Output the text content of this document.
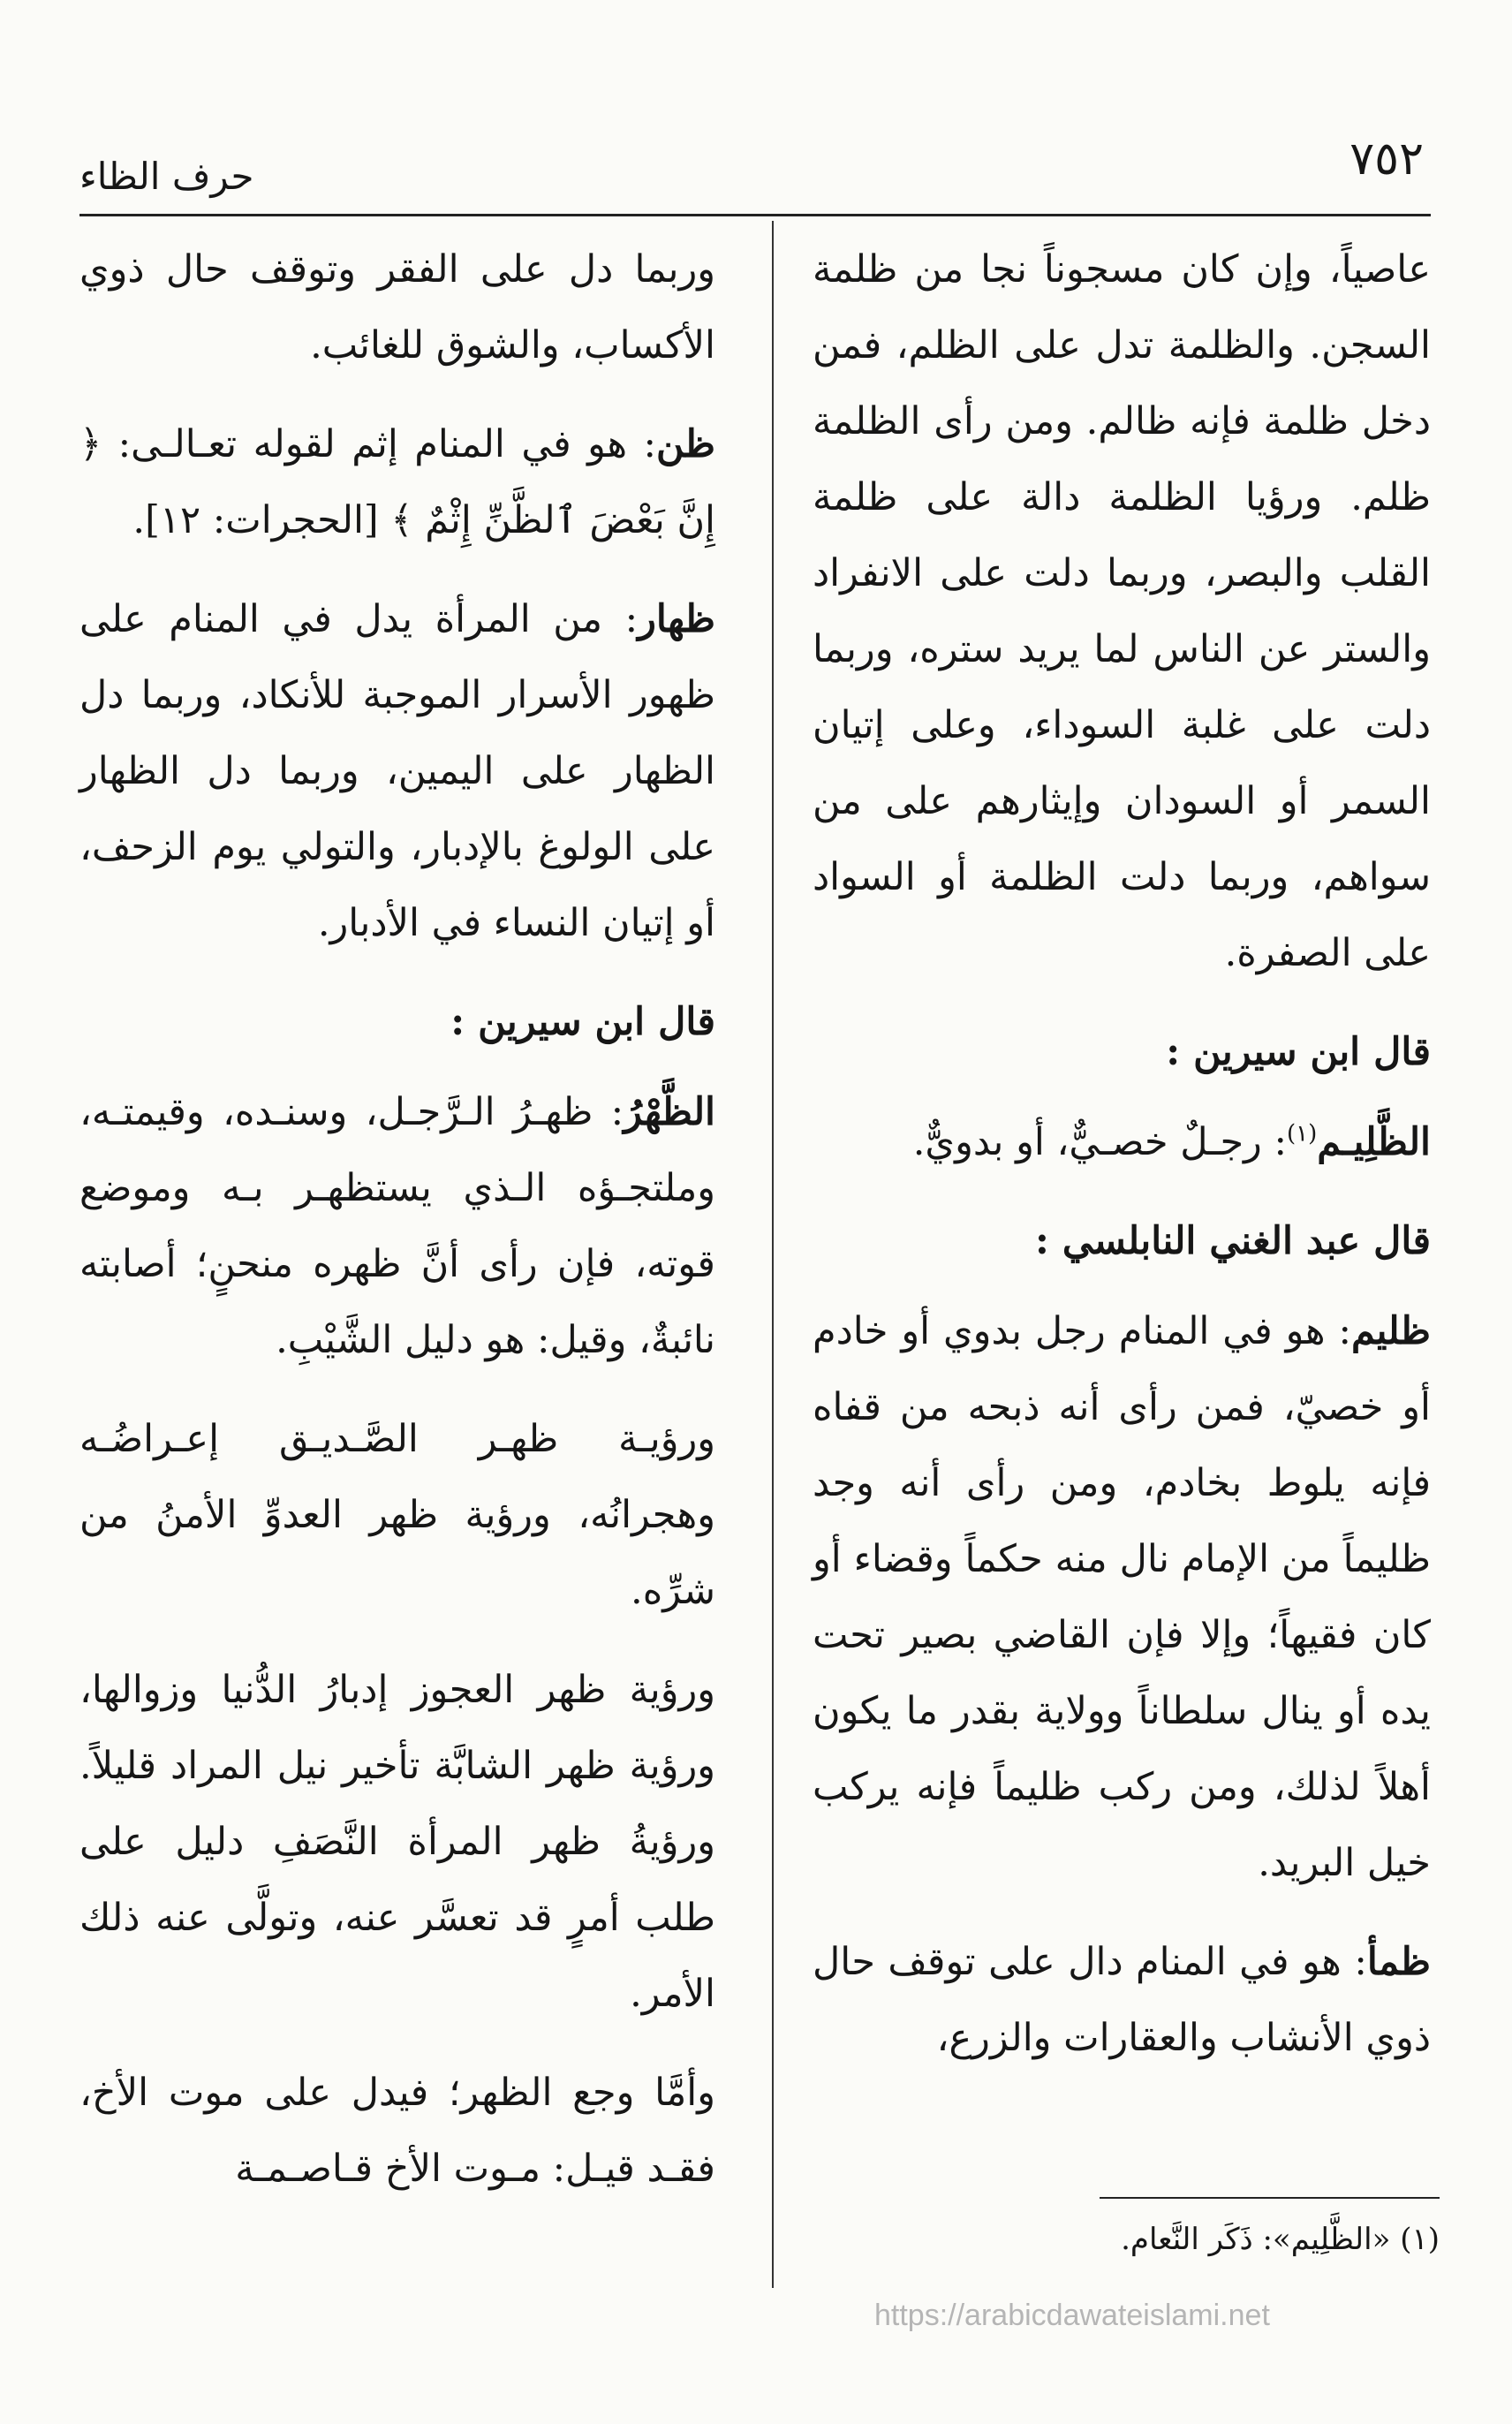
٧٥٢
حرف الظاء

عاصياً، وإن كان مسجوناً نجا من ظلمة السجن. والظلمة تدل على الظلم، فمن دخل ظلمة فإنه ظالم. ومن رأى الظلمة ظلم. ورؤيا الظلمة دالة على ظلمة القلب والبصر، وربما دلت على الانفراد والستر عن الناس لما يريد ستره، وربما دلت على غلبة السوداء، وعلى إتيان السمر أو السودان وإيثارهم على من سواهم، وربما دلت الظلمة أو السواد على الصفرة.

قال ابن سيرين :

الظَّلِيـم$^{(١)}$: رجـلٌ خصـيٌّ، أو بدويٌّ.

قال عبد الغني النابلسي :

ظليم: هو في المنام رجل بدوي أو خادم أو خصيّ، فمن رأى أنه ذبحه من قفاه فإنه يلوط بخادم، ومن رأى أنه وجد ظليماً من الإمام نال منه حكماً وقضاء أو كان فقيهاً؛ وإلا فإن القاضي بصير تحت يده أو ينال سلطاناً وولاية بقدر ما يكون أهلاً لذلك، ومن ركب ظليماً فإنه يركب خيل البريد.

ظمأ: هو في المنام دال على توقف حال ذوي الأنشاب والعقارات والزرع،

وربما دل على الفقر وتوقف حال ذوي الأكساب، والشوق للغائب.

ظن: هو في المنام إثم لقوله تعـالـى: ﴿ إِنَّ بَعْضَ ٱلظَّنِّ إِثْمٌ ﴾ [الحجرات: ١٢].

ظهار: من المرأة يدل في المنام على ظهور الأسرار الموجبة للأنكاد، وربما دل الظهار على اليمين، وربما دل الظهار على الولوغ بالإدبار، والتولي يوم الزحف، أو إتيان النساء في الأدبار.

قال ابن سيرين :

الظَّهْرُ: ظهـرُ الـرَّجـل، وسنـده، وقيمتـه، وملتجـؤه الـذي يستظهـر بـه وموضع قوته، فإن رأى أنَّ ظهره منحنٍ؛ أصابته نائبةٌ، وقيل: هو دليل الشَّيْبِ.

ورؤيـة ظهـر الصَّـديـق إعـراضُـه وهجرانُه، ورؤية ظهر العدوِّ الأمنُ من شرِّه.

ورؤية ظهر العجوز إدبارُ الدُّنيا وزوالها، ورؤية ظهر الشابَّة تأخير نيل المراد قليلاً. ورؤيةُ ظهر المرأة النَّصَفِ دليل على طلب أمرٍ قد تعسَّر عنه، وتولَّى عنه ذلك الأمر.

وأمَّا وجع الظهر؛ فيدل على موت الأخ، فقـد قيـل: مـوت الأخ قـاصـمـة

(١) «الظَّلِيم»: ذَكَر النَّعام.
https://arabicdawateislami.net
